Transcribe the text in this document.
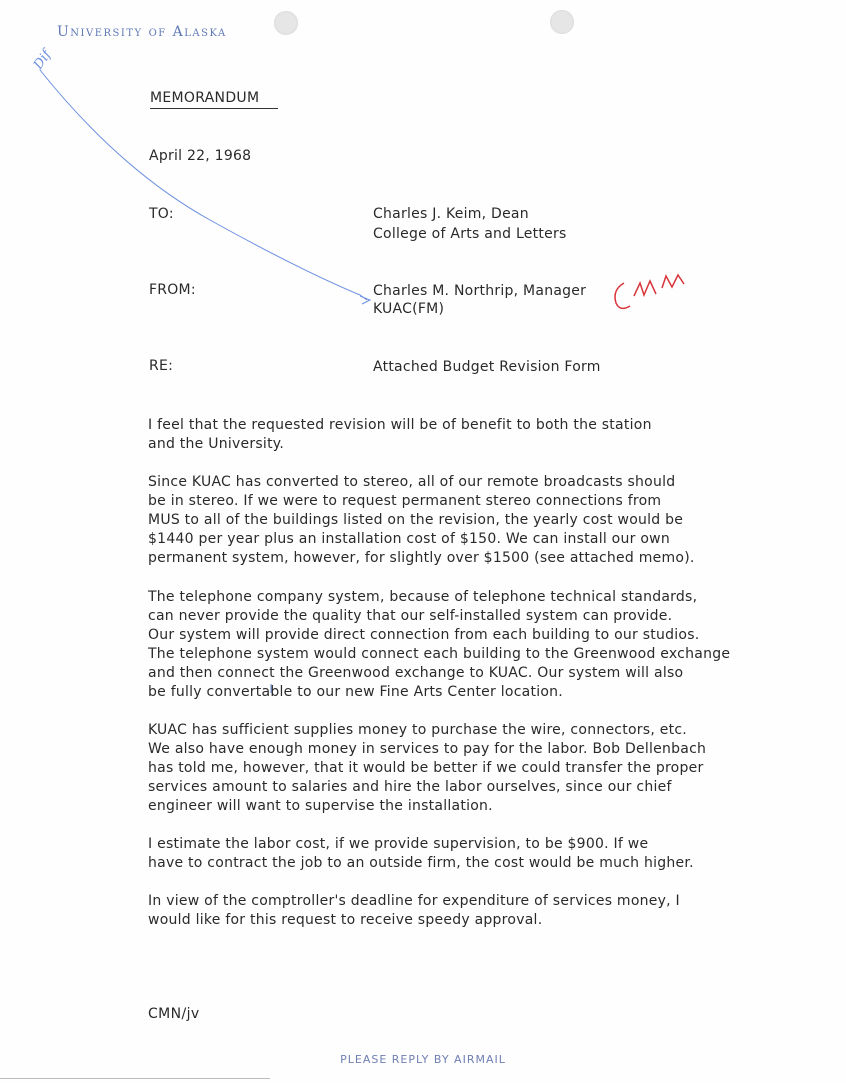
University of Alaska
MEMORANDUM
April 22, 1968
TO:	Charles J. Keim, Dean
College of Arts and Letters
FROM:	Charles M. Northrip, Manager
KUAC(FM)
RE:	Attached Budget Revision Form
I feel that the requested revision will be of benefit to both the station
and the University.
Since KUAC has converted to stereo, all of our remote broadcasts should
be in stereo. If we were to request permanent stereo connections from
MUS to all of the buildings listed on the revision, the yearly cost would be
$1440 per year plus an installation cost of $150. We can install our own
permanent system, however, for slightly over $1500 (see attached memo).
The telephone company system, because of telephone technical standards,
can never provide the quality that our self-installed system can provide.
Our system will provide direct connection from each building to our studios.
The telephone system would connect each building to the Greenwood exchange
and then connect the Greenwood exchange to KUAC. Our system will also
be fully convertable to our new Fine Arts Center location.
KUAC has sufficient supplies money to purchase the wire, connectors, etc.
We also have enough money in services to pay for the labor. Bob Dellenbach
has told me, however, that it would be better if we could transfer the proper
services amount to salaries and hire the labor ourselves, since our chief
engineer will want to supervise the installation.
I estimate the labor cost, if we provide supervision, to be $900. If we
have to contract the job to an outside firm, the cost would be much higher.
In view of the comptroller's deadline for expenditure of services money, I
would like for this request to receive speedy approval.
CMN/jv
PLEASE REPLY BY AIRMAIL
Dif
CMN
